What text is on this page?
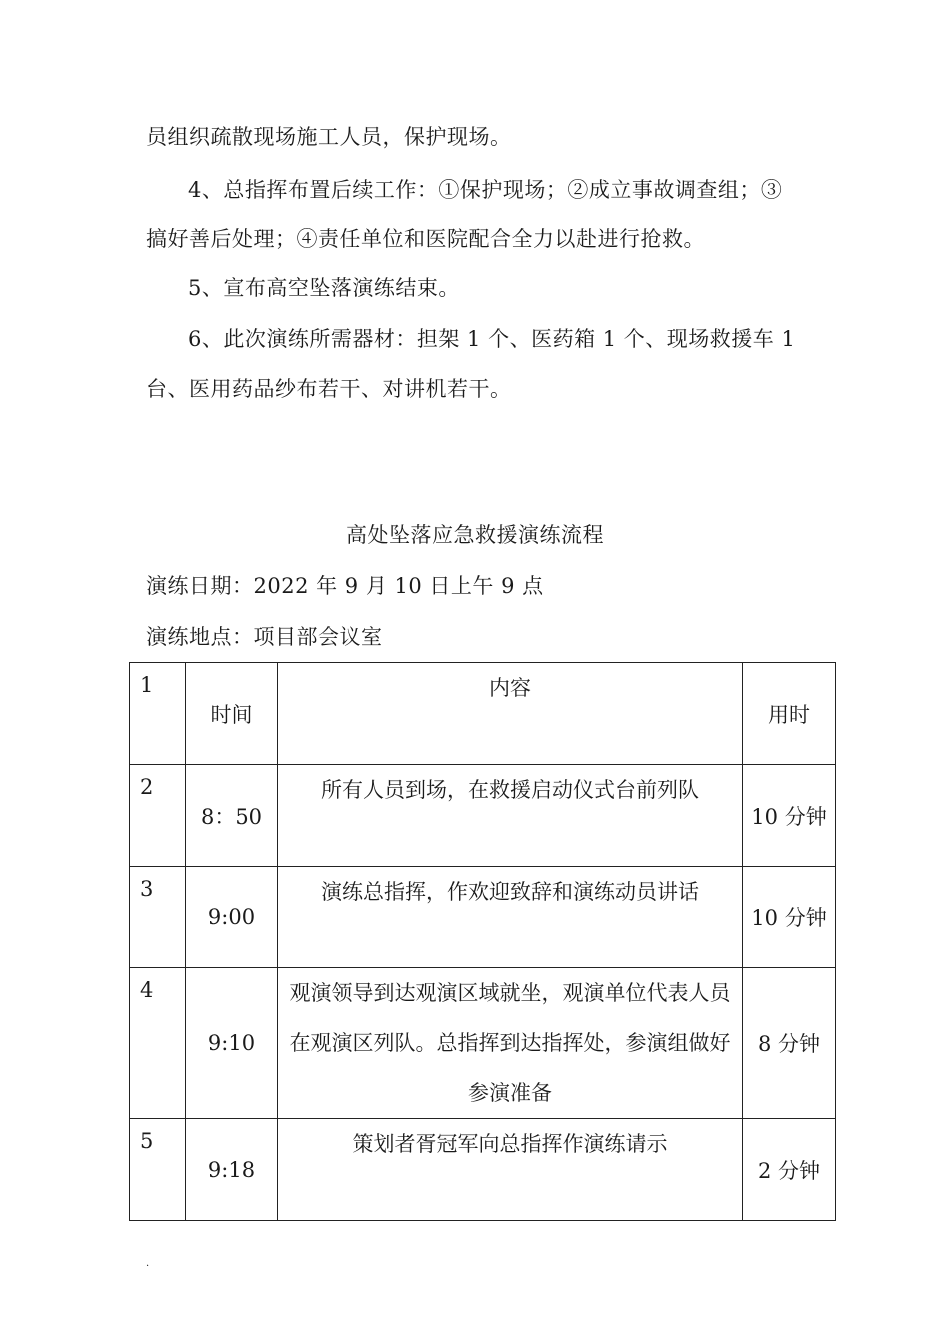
员组织疏散现场施工人员，保护现场。
4、总指挥布置后续工作：①保护现场；②成立事故调查组；③
搞好善后处理；④责任单位和医院配合全力以赴进行抢救。
5、宣布高空坠落演练结束。
6、此次演练所需器材：担架 1 个、医药箱 1 个、现场救援车 1
台、医用药品纱布若干、对讲机若干。
高处坠落应急救援演练流程
演练日期：2022 年 9 月 10 日上午 9 点
演练地点：项目部会议室
1	时间	内容	用时

2	8：50	所有人员到场，在救援启动仪式台前列队	10 分钟

3	9:00	演练总指挥，作欢迎致辞和演练动员讲话	10 分钟

4	9:10	观演领导到达观演区域就坐，观演单位代表人员在观演区列队。总指挥到达指挥处，参演组做好参演准备	8 分钟

5	9:18	策划者胥冠军向总指挥作演练请示	2 分钟
.
